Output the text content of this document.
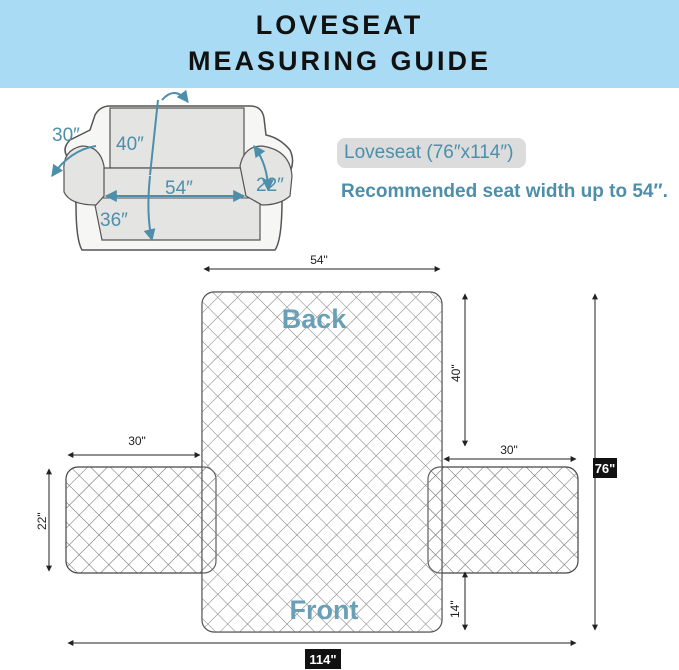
LOVESEAT
MEASURING GUIDE
Loveseat (76″x114″)
Recommended seat width up to 54″.
30″ 40″
54″	22″
36″
Back
Front
54"
40"
30"
30"
22"
76"
14"
114"
